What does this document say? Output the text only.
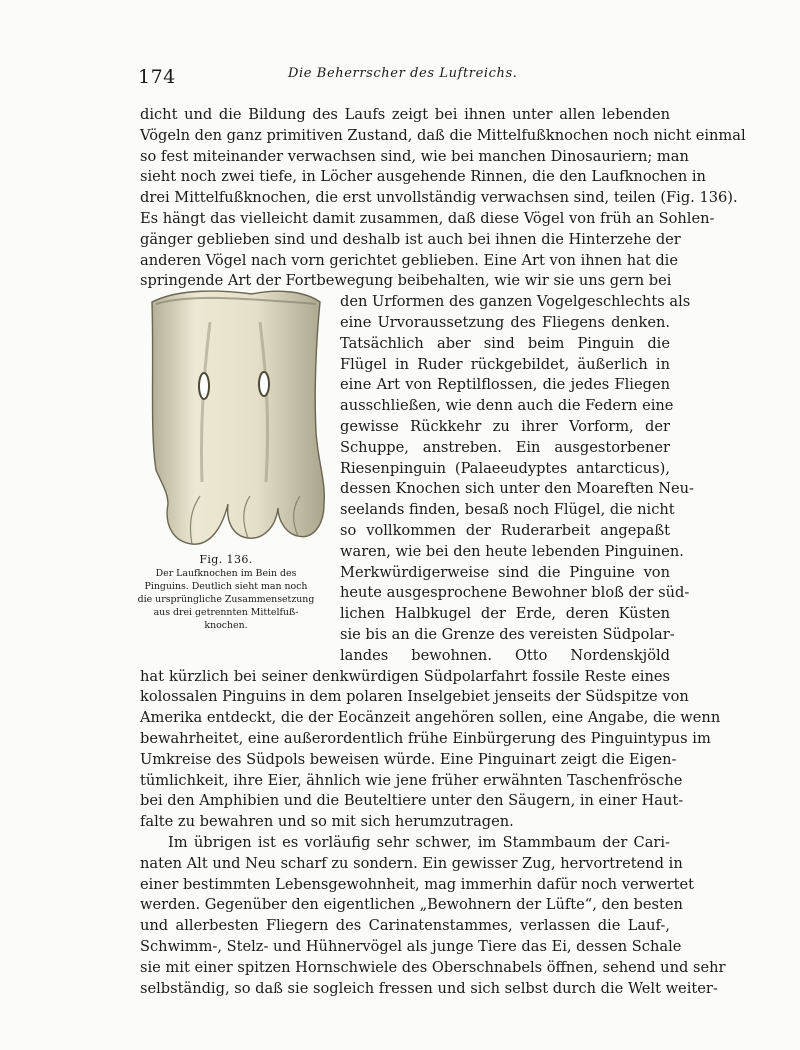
174	Die Beherrscher des Luftreichs.
dicht und die Bildung des Laufs zeigt bei ihnen unter allen lebenden
Vögeln den ganz primitiven Zustand, daß die Mittelfußknochen noch nicht einmal
so fest miteinander verwachsen sind, wie bei manchen Dinosauriern; man
sieht noch zwei tiefe, in Löcher ausgehende Rinnen, die den Laufknochen in
drei Mittelfußknochen, die erst unvollständig verwachsen sind, teilen (Fig. 136).
Es hängt das vielleicht damit zusammen, daß diese Vögel von früh an Sohlen-
gänger geblieben sind und deshalb ist auch bei ihnen die Hinterzehe der
anderen Vögel nach vorn gerichtet geblieben. Eine Art von ihnen hat die
springende Art der Fortbewegung beibehalten, wie wir sie uns gern bei
den Urformen des ganzen Vogelgeschlechts als
eine Urvoraussetzung des Fliegens denken.
Tatsächlich aber sind beim Pinguin die
Flügel in Ruder rückgebildet, äußerlich in
eine Art von Reptilflossen, die jedes Fliegen
ausschließen, wie denn auch die Federn eine
gewisse Rückkehr zu ihrer Vorform, der
Schuppe, anstreben. Ein ausgestorbener
Riesenpinguin (Palaeeudyptes antarcticus),
dessen Knochen sich unter den Moareften Neu-
seelands finden, besaß noch Flügel, die nicht
so vollkommen der Ruderarbeit angepaßt
waren, wie bei den heute lebenden Pinguinen.
Merkwürdigerweise sind die Pinguine von
heute ausgesprochene Bewohner bloß der süd-
lichen Halbkugel der Erde, deren Küsten
sie bis an die Grenze des vereisten Südpolar-
landes bewohnen. Otto Nordenskjöld
hat kürzlich bei seiner denkwürdigen Südpolarfahrt fossile Reste eines
kolossalen Pinguins in dem polaren Inselgebiet jenseits der Südspitze von
Amerika entdeckt, die der Eocänzeit angehören sollen, eine Angabe, die wenn
bewahrheitet, eine außerordentlich frühe Einbürgerung des Pinguintypus im
Umkreise des Südpols beweisen würde. Eine Pinguinart zeigt die Eigen-
tümlichkeit, ihre Eier, ähnlich wie jene früher erwähnten Taschenfrösche
bei den Amphibien und die Beuteltiere unter den Säugern, in einer Haut-
falte zu bewahren und so mit sich herumzutragen.
Im übrigen ist es vorläufig sehr schwer, im Stammbaum der Cari-
naten Alt und Neu scharf zu sondern. Ein gewisser Zug, hervortretend in
einer bestimmten Lebensgewohnheit, mag immerhin dafür noch verwertet
werden. Gegenüber den eigentlichen „Bewohnern der Lüfte“, den besten
und allerbesten Fliegern des Carinatenstammes, verlassen die Lauf-,
Schwimm-, Stelz- und Hühnervögel als junge Tiere das Ei, dessen Schale
sie mit einer spitzen Hornschwiele des Oberschnabels öffnen, sehend und sehr
selbständig, so daß sie sogleich fressen und sich selbst durch die Welt weiter-
Fig. 136.
Der Laufknochen im Bein des
Pinguins. Deutlich sieht man noch
die ursprüngliche Zusammensetzung
aus drei getrennten Mittelfuß-
knochen.
